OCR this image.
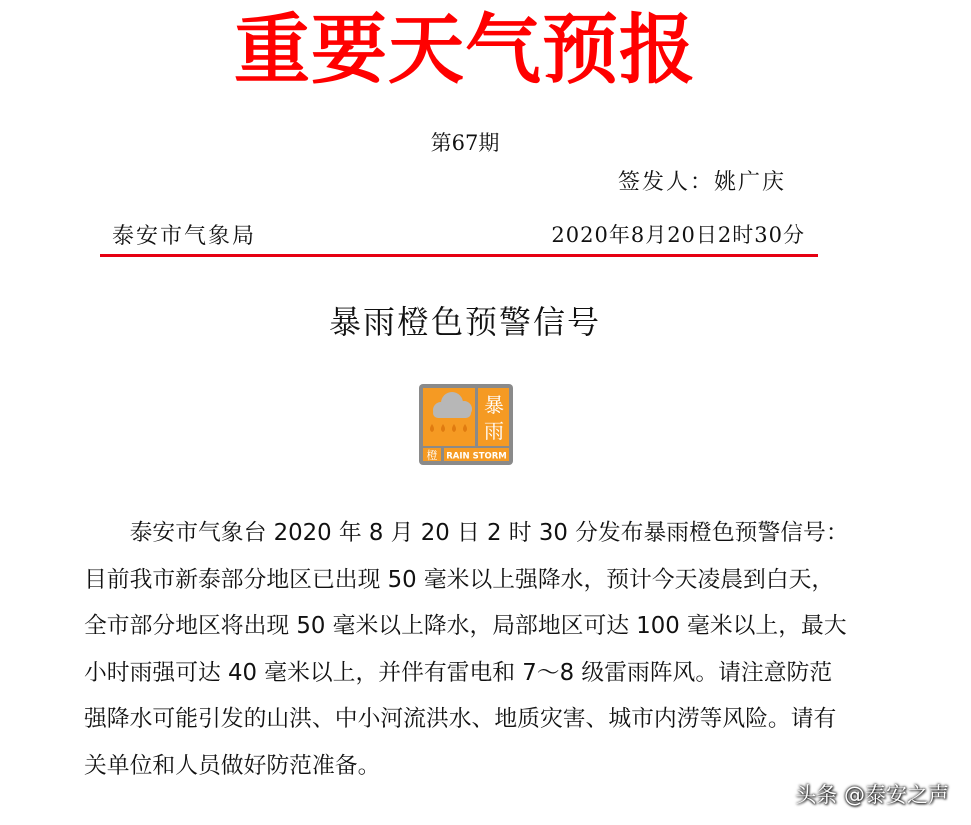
重要天气预报
第67期
签发人：姚广庆
泰安市气象局	2020年8月20日2时30分
暴雨橙色预警信号
暴
雨
橙 RAIN STORM

泰安市气象台 2020 年 8 月 20 日 2 时 30 分发布暴雨橙色预警信号：目前我市新泰部分地区已出现 50 毫米以上强降水，预计今天凌晨到白天，全市部分地区将出现 50 毫米以上降水，局部地区可达 100 毫米以上，最大小时雨强可达 40 毫米以上，并伴有雷电和 7～8 级雷雨阵风。请注意防范强降水可能引发的山洪、中小河流洪水、地质灾害、城市内涝等风险。请有关单位和人员做好防范准备。

头条 @泰安之声
